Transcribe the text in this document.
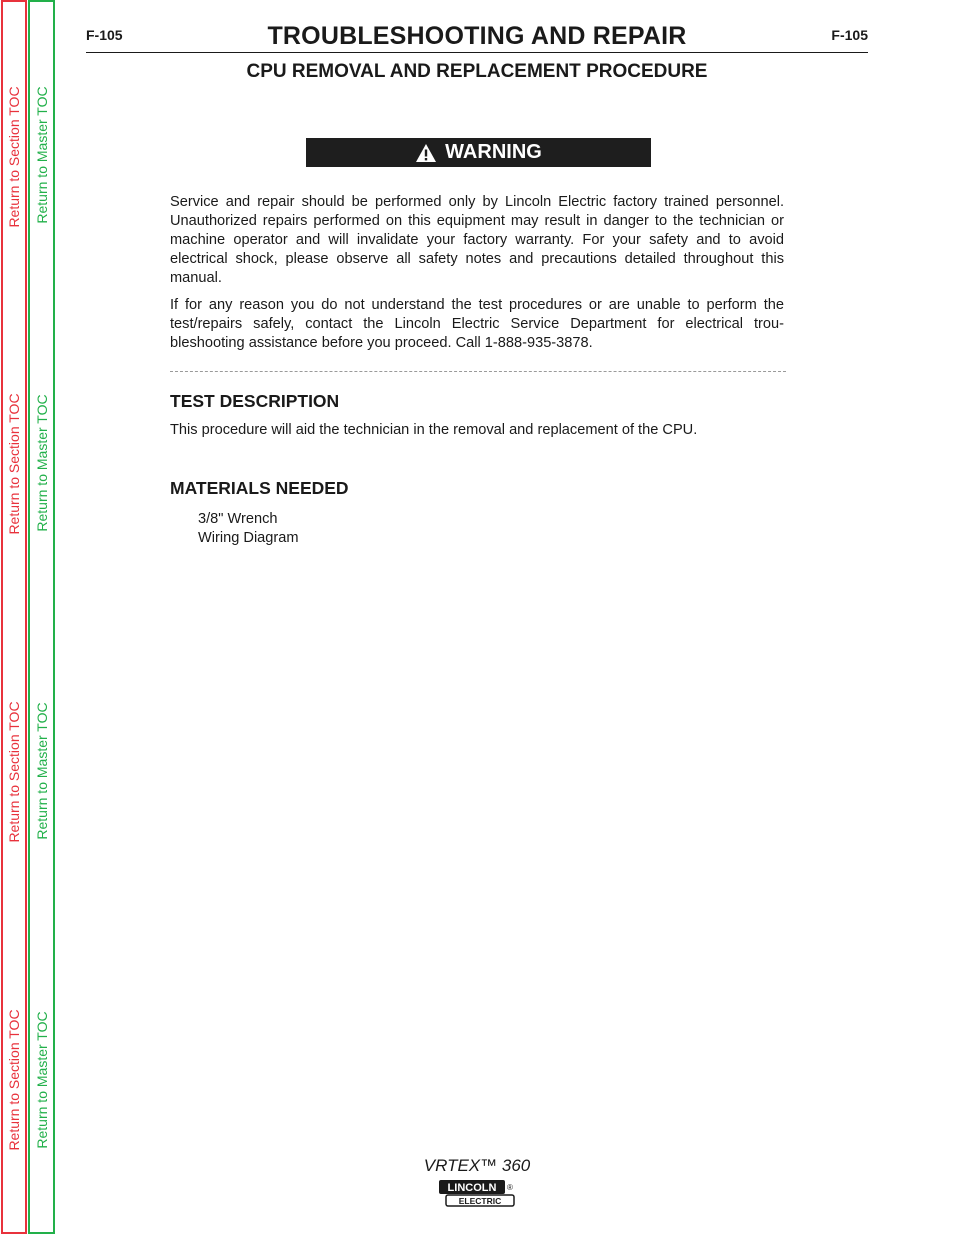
Return to Section TOC
Return to Section TOC
Return to Section TOC
Return to Section TOC
Return to Master TOC
Return to Master TOC
Return to Master TOC
Return to Master TOC
F-105	TROUBLESHOOTING AND REPAIR	F-105
CPU REMOVAL AND REPLACEMENT PROCEDURE
WARNING

Service and repair should be performed only by Lincoln Electric factory trained personnel. Unauthorized repairs performed on this equipment may result in danger to the technician or machine operator and will invalidate your factory warranty. For your safety and to avoid electrical shock, please observe all safety notes and precautions detailed throughout this manual.

If for any reason you do not understand the test procedures or are unable to perform the test/repairs safely, contact the Lincoln Electric Service Department for electrical trou-bleshooting assistance before you proceed. Call 1-888-935-3878.

TEST DESCRIPTION

This procedure will aid the technician in the removal and replacement of the CPU.

MATERIALS NEEDED
3/8" Wrench
Wiring Diagram
VRTEX™ 360
LINCOLN ®
ELECTRIC
